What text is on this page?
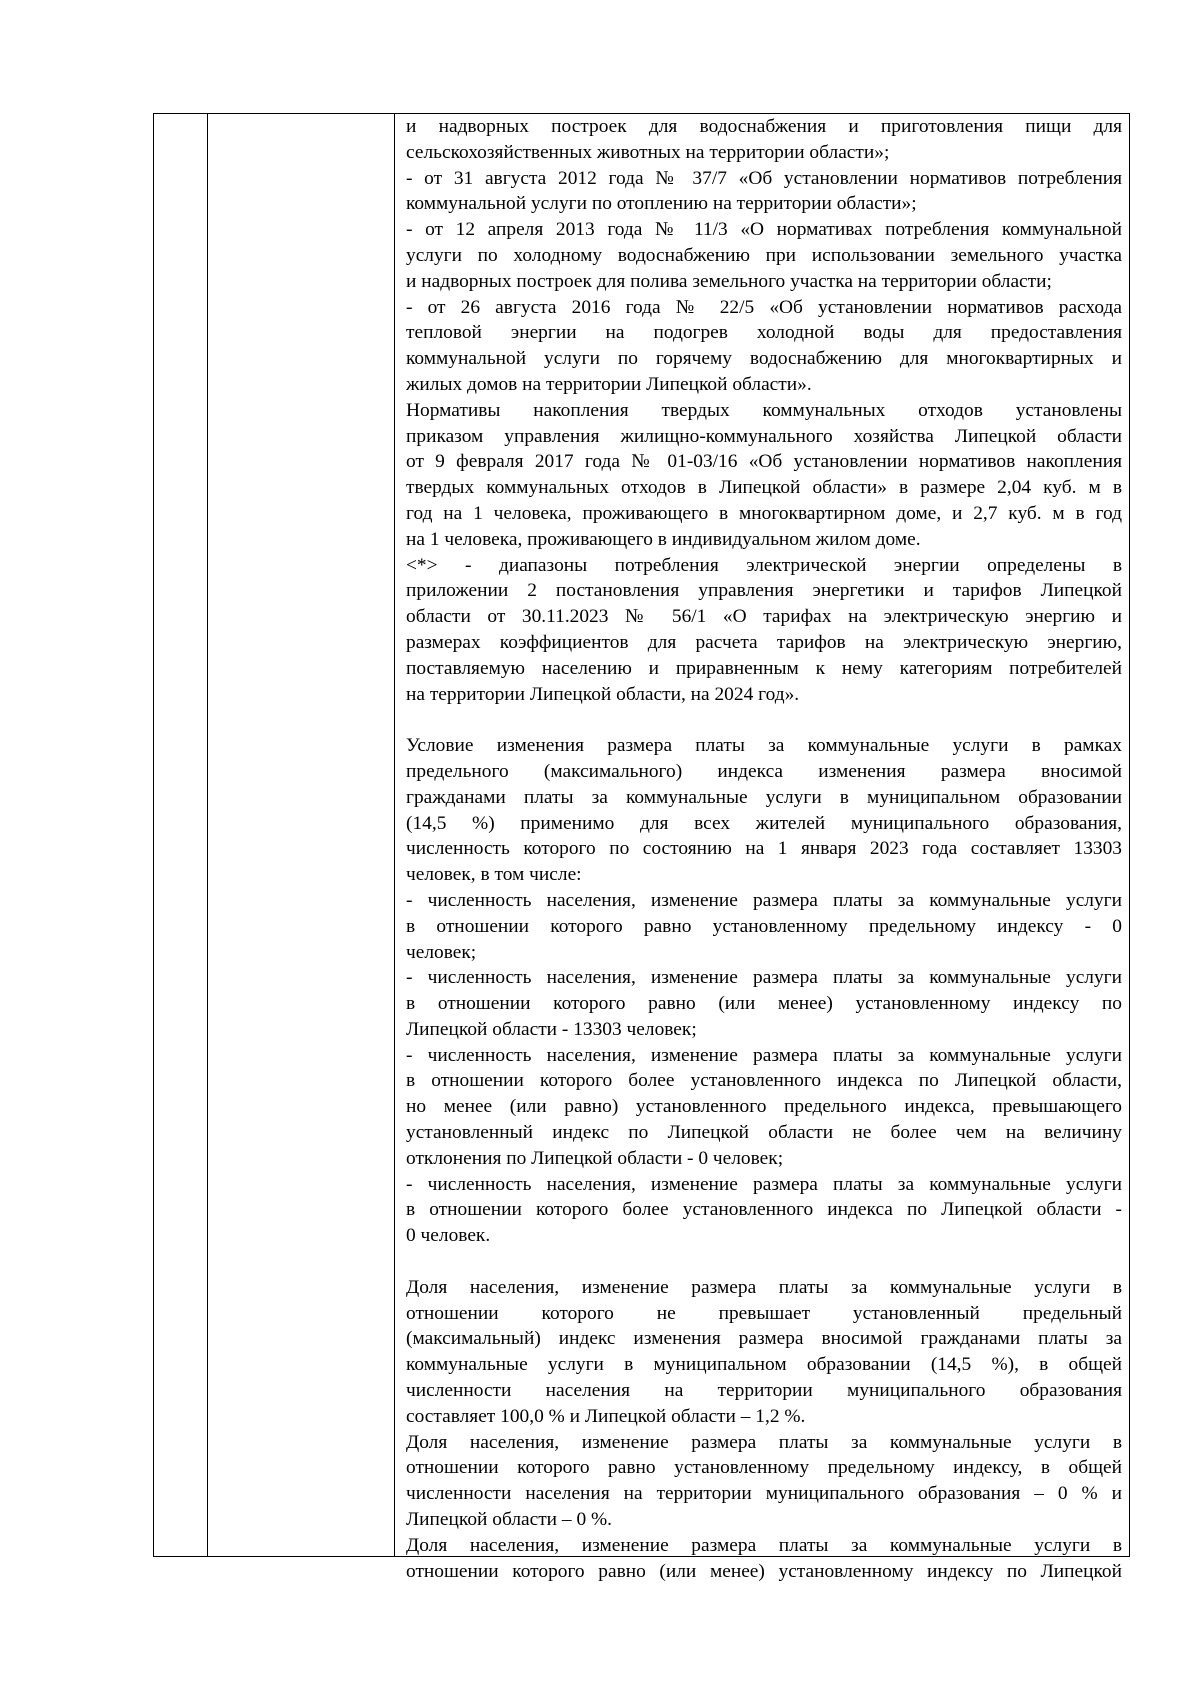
и надворных построек для водоснабжения и приготовления пищи для

сельскохозяйственных животных на территории области»;

- от 31 августа 2012 года № 37/7 «Об установлении нормативов потребления

коммунальной услуги по отоплению на территории области»;

- от 12 апреля 2013 года № 11/3 «О нормативах потребления коммунальной

услуги по холодному водоснабжению при использовании земельного участка

и надворных построек для полива земельного участка на территории области;

- от 26 августа 2016 года № 22/5 «Об установлении нормативов расхода

тепловой энергии на подогрев холодной воды для предоставления

коммунальной услуги по горячему водоснабжению для многоквартирных и

жилых домов на территории Липецкой области».

Нормативы накопления твердых коммунальных отходов установлены

приказом управления жилищно-коммунального хозяйства Липецкой области

от 9 февраля 2017 года № 01-03/16 «Об установлении нормативов накопления

твердых коммунальных отходов в Липецкой области» в размере 2,04 куб. м в

год на 1 человека, проживающего в многоквартирном доме, и 2,7 куб. м в год

на 1 человека, проживающего в индивидуальном жилом доме.

<*> - диапазоны потребления электрической энергии определены в

приложении 2 постановления управления энергетики и тарифов Липецкой

области от 30.11.2023 № 56/1 «О тарифах на электрическую энергию и

размерах коэффициентов для расчета тарифов на электрическую энергию,

поставляемую населению и приравненным к нему категориям потребителей

на территории Липецкой области, на 2024 год».

Условие изменения размера платы за коммунальные услуги в рамках

предельного (максимального) индекса изменения размера вносимой

гражданами платы за коммунальные услуги в муниципальном образовании

(14,5 %) применимо для всех жителей муниципального образования,

численность которого по состоянию на 1 января 2023 года составляет 13303

человек, в том числе:

- численность населения, изменение размера платы за коммунальные услуги

в отношении которого равно установленному предельному индексу - 0

человек;

- численность населения, изменение размера платы за коммунальные услуги

в отношении которого равно (или менее) установленному индексу по

Липецкой области - 13303 человек;

- численность населения, изменение размера платы за коммунальные услуги

в отношении которого более установленного индекса по Липецкой области,

но менее (или равно) установленного предельного индекса, превышающего

установленный индекс по Липецкой области не более чем на величину

отклонения по Липецкой области - 0 человек;

- численность населения, изменение размера платы за коммунальные услуги

в отношении которого более установленного индекса по Липецкой области -

0 человек.

Доля населения, изменение размера платы за коммунальные услуги в

отношении которого не превышает установленный предельный

(максимальный) индекс изменения размера вносимой гражданами платы за

коммунальные услуги в муниципальном образовании (14,5 %), в общей

численности населения на территории муниципального образования

составляет 100,0 % и Липецкой области – 1,2 %.

Доля населения, изменение размера платы за коммунальные услуги в

отношении которого равно установленному предельному индексу, в общей

численности населения на территории муниципального образования – 0 % и

Липецкой области – 0 %.

Доля населения, изменение размера платы за коммунальные услуги в

отношении которого равно (или менее) установленному индексу по Липецкой
